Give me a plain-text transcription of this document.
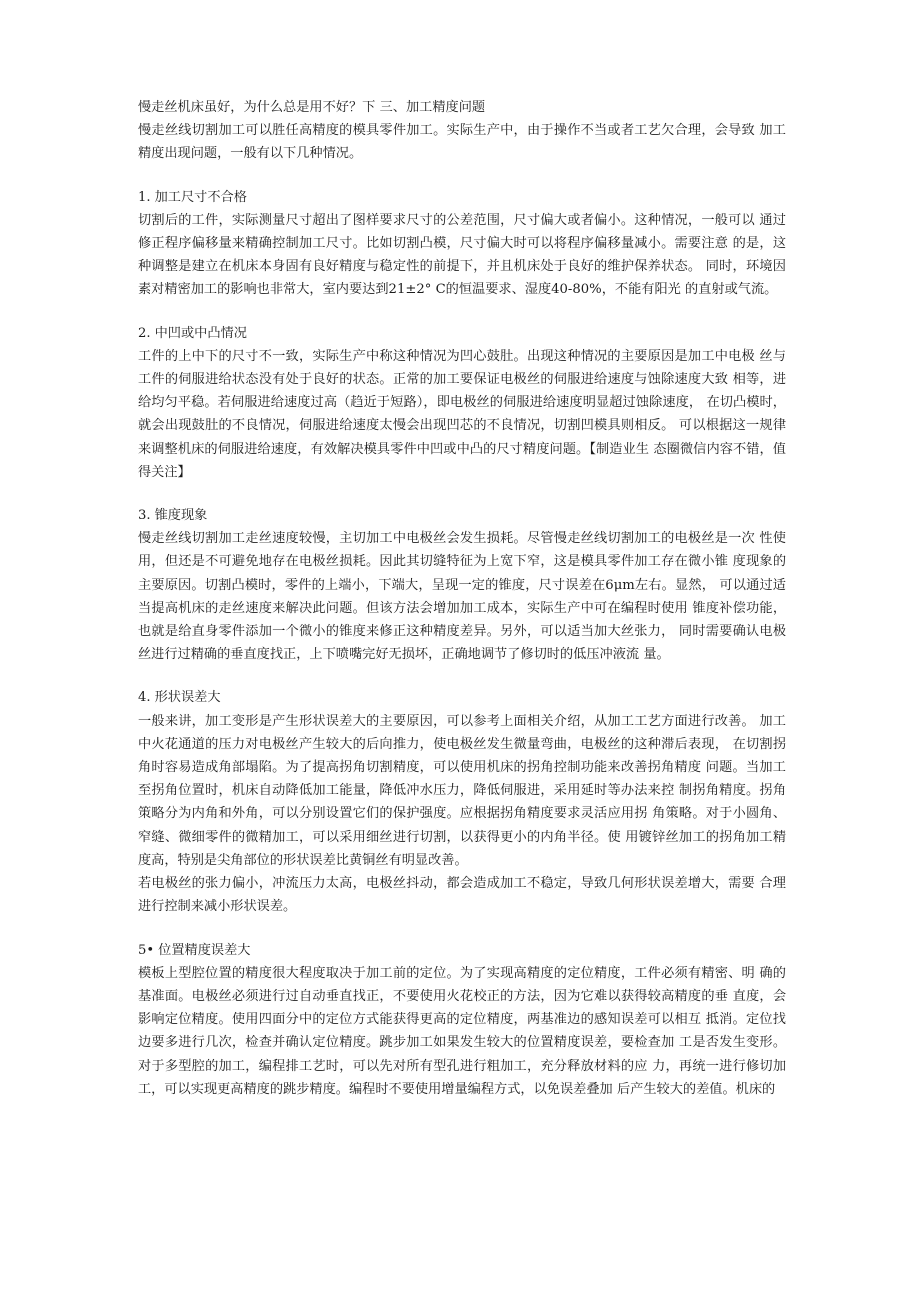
慢走丝机床虽好，为什么总是用不好？下 三、加工精度问题

慢走丝线切割加工可以胜任高精度的模具零件加工。实际生产中，由于操作不当或者工艺欠合理，会导致 加工精度出现问题，一般有以下几种情况。

1. 加工尺寸不合格

切割后的工件，实际测量尺寸超出了图样要求尺寸的公差范围，尺寸偏大或者偏小。这种情况，一般可以 通过修正程序偏移量来精确控制加工尺寸。比如切割凸模，尺寸偏大时可以将程序偏移量减小。需要注意 的是，这种调整是建立在机床本身固有良好精度与稳定性的前提下，并且机床处于良好的维护保养状态。 同时，环境因素对精密加工的影响也非常大，室内要达到21±2° C的恒温要求、湿度40-80%，不能有阳光 的直射或气流。

2. 中凹或中凸情况

工件的上中下的尺寸不一致，实际生产中称这种情况为凹心鼓肚。出现这种情况的主要原因是加工中电极 丝与工件的伺服进给状态没有处于良好的状态。正常的加工要保证电极丝的伺服进给速度与蚀除速度大致 相等，进给均匀平稳。若伺服进给速度过高（趋近于短路），即电极丝的伺服进给速度明显超过蚀除速度， 在切凸模时，就会出现鼓肚的不良情况，伺服进给速度太慢会出现凹芯的不良情况，切割凹模具则相反。 可以根据这一规律来调整机床的伺服进给速度，有效解决模具零件中凹或中凸的尺寸精度问题。【制造业生 态圈微信内容不错，值得关注】

3. 锥度现象

慢走丝线切割加工走丝速度较慢，主切加工中电极丝会发生损耗。尽管慢走丝线切割加工的电极丝是一次 性使用，但还是不可避免地存在电极丝损耗。因此其切缝特征为上宽下窄，这是模具零件加工存在微小锥 度现象的主要原因。切割凸模时，零件的上端小，下端大，呈现一定的锥度，尺寸误差在6μm左右。显然， 可以通过适当提高机床的走丝速度来解决此问题。但该方法会增加加工成本，实际生产中可在编程时使用 锥度补偿功能，也就是给直身零件添加一个微小的锥度来修正这种精度差异。另外，可以适当加大丝张力， 同时需要确认电极丝进行过精确的垂直度找正，上下喷嘴完好无损坏，正确地调节了修切时的低压冲液流 量。

4. 形状误差大

一般来讲，加工变形是产生形状误差大的主要原因，可以参考上面相关介绍，从加工工艺方面进行改善。 加工中火花通道的压力对电极丝产生较大的后向推力，使电极丝发生微量弯曲，电极丝的这种滞后表现， 在切割拐角时容易造成角部塌陷。为了提高拐角切割精度，可以使用机床的拐角控制功能来改善拐角精度 问题。当加工至拐角位置时，机床自动降低加工能量，降低冲水压力，降低伺服进，采用延时等办法来控 制拐角精度。拐角策略分为内角和外角，可以分别设置它们的保护强度。应根据拐角精度要求灵活应用拐 角策略。对于小圆角、窄缝、微细零件的微精加工，可以采用细丝进行切割，以获得更小的内角半径。使 用镀锌丝加工的拐角加工精度高，特别是尖角部位的形状误差比黄铜丝有明显改善。

若电极丝的张力偏小，冲流压力太高，电极丝抖动，都会造成加工不稳定，导致几何形状误差增大，需要 合理进行控制来减小形状误差。

5• 位置精度误差大

模板上型腔位置的精度很大程度取决于加工前的定位。为了实现高精度的定位精度，工件必须有精密、明 确的基准面。电极丝必须进行过自动垂直找正，不要使用火花校正的方法，因为它难以获得较高精度的垂 直度，会影响定位精度。使用四面分中的定位方式能获得更高的定位精度，两基准边的感知误差可以相互 抵消。定位找边要多进行几次，检查并确认定位精度。跳步加工如果发生较大的位置精度误差，要检查加 工是否发生变形。对于多型腔的加工，编程排工艺时，可以先对所有型孔进行粗加工，充分释放材料的应 力，再统一进行修切加工，可以实现更高精度的跳步精度。编程时不要使用增量编程方式，以免误差叠加 后产生较大的差值。机床的
